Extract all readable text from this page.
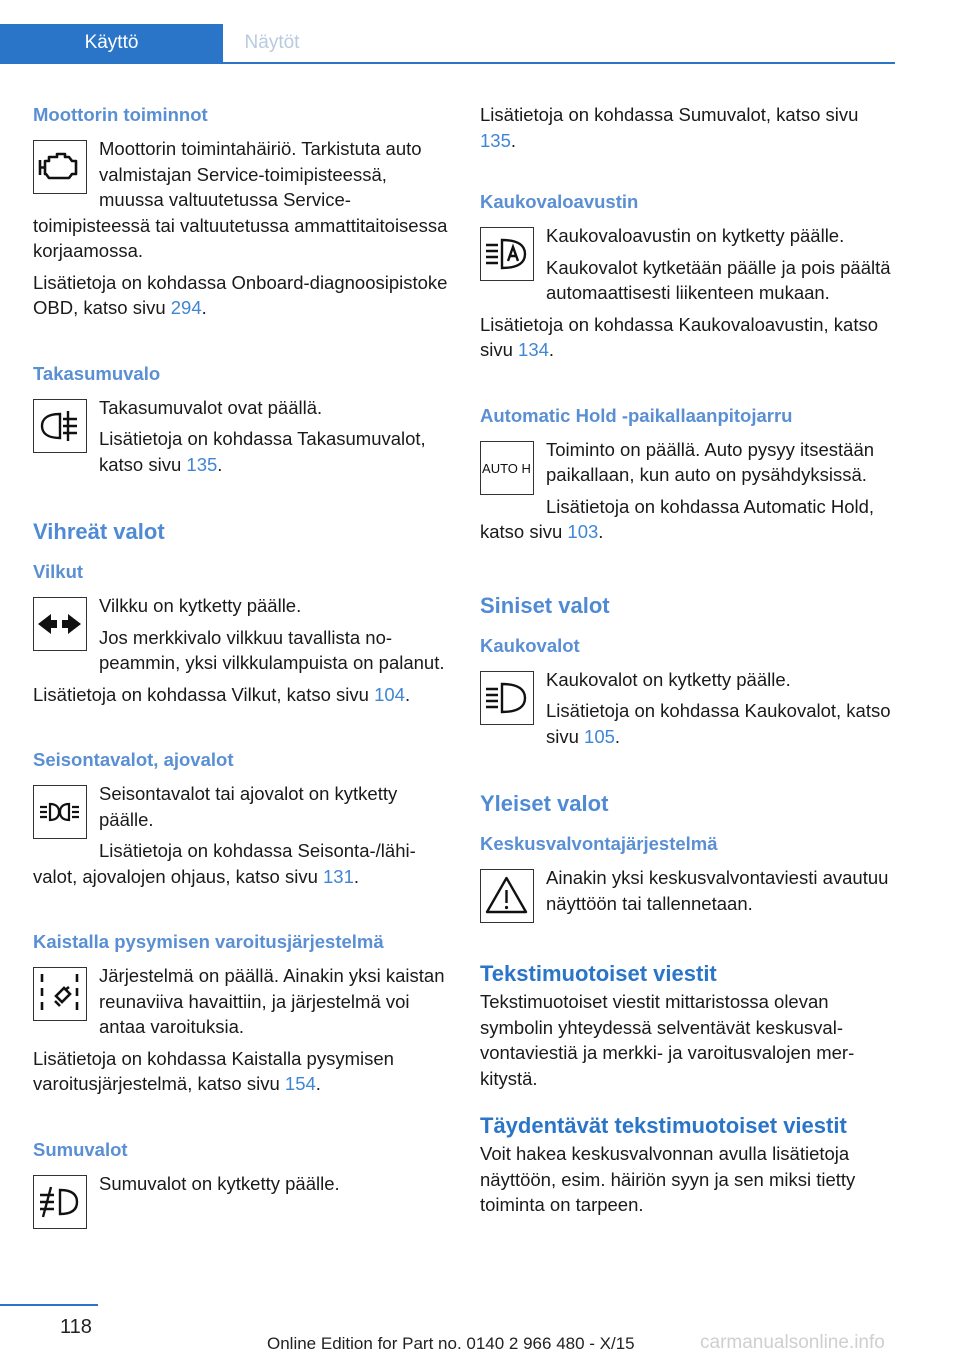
Käyttö	Näytöt
Moottorin toiminnot

Moottorin toimintahäiriö. Tarkistuta auto valmistajan Service-toimipisteessä, muussa valtuutetussa Service-toimipisteessä tai valtuutetussa ammattitaitoisessa korjaamossa.

Lisätietoja on kohdassa Onboard-diagnoosipistoke OBD, katso sivu 294.

Takasumuvalo

Takasumuvalot ovat päällä.

Lisätietoja on kohdassa Takasumuvalot, katso sivu 135.

Vihreät valot
Vilkut

Vilkku on kytketty päälle.

Jos merkkivalo vilkkuu tavallista nopeammin, yksi vilkkulampuista on palanut.

Lisätietoja on kohdassa Vilkut, katso sivu 104.

Seisontavalot, ajovalot

Seisontavalot tai ajovalot on kytketty päälle.

Lisätietoja on kohdassa Seisonta-/lähivalot, ajovalojen ohjaus, katso sivu 131.

Kaistalla pysymisen varoitusjärjestelmä

Järjestelmä on päällä. Ainakin yksi kaistan reunaviiva havaittiin, ja järjestelmä voi antaa varoituksia.

Lisätietoja on kohdassa Kaistalla pysymisen varoitusjärjestelmä, katso sivu 154.

Sumuvalot

Sumuvalot on kytketty päälle.

Lisätietoja on kohdassa Sumuvalot, katso sivu 135.

Kaukovaloavustin

Kaukovaloavustin on kytketty päälle.

Kaukovalot kytketään päälle ja pois päältä automaattisesti liikenteen mukaan.

Lisätietoja on kohdassa Kaukovaloavustin, katso sivu 134.

Automatic Hold -paikallaanpitojarru
AUTO H

Toiminto on päällä. Auto pysyy itsestään paikallaan, kun auto on pysähdyksissä.

Lisätietoja on kohdassa Automatic Hold, katso sivu 103.

Siniset valot
Kaukovalot

Kaukovalot on kytketty päälle.

Lisätietoja on kohdassa Kaukovalot, katso sivu 105.

Yleiset valot
Keskusvalvontajärjestelmä

Ainakin yksi keskusvalvontaviesti avautuu näyttöön tai tallennetaan.

Tekstimuotoiset viestit

Tekstimuotoiset viestit mittaristossa olevan symbolin yhteydessä selventävät keskusvalvontaviestiä ja merkki- ja varoitusvalojen merkitystä.

Täydentävät tekstimuotoiset viestit

Voit hakea keskusvalvonnan avulla lisätietoja näyttöön, esim. häiriön syyn ja sen miksi tietty toiminta on tarpeen.

118
Online Edition for Part no. 0140 2 966 480 - X/15	carmanualsonline.info
